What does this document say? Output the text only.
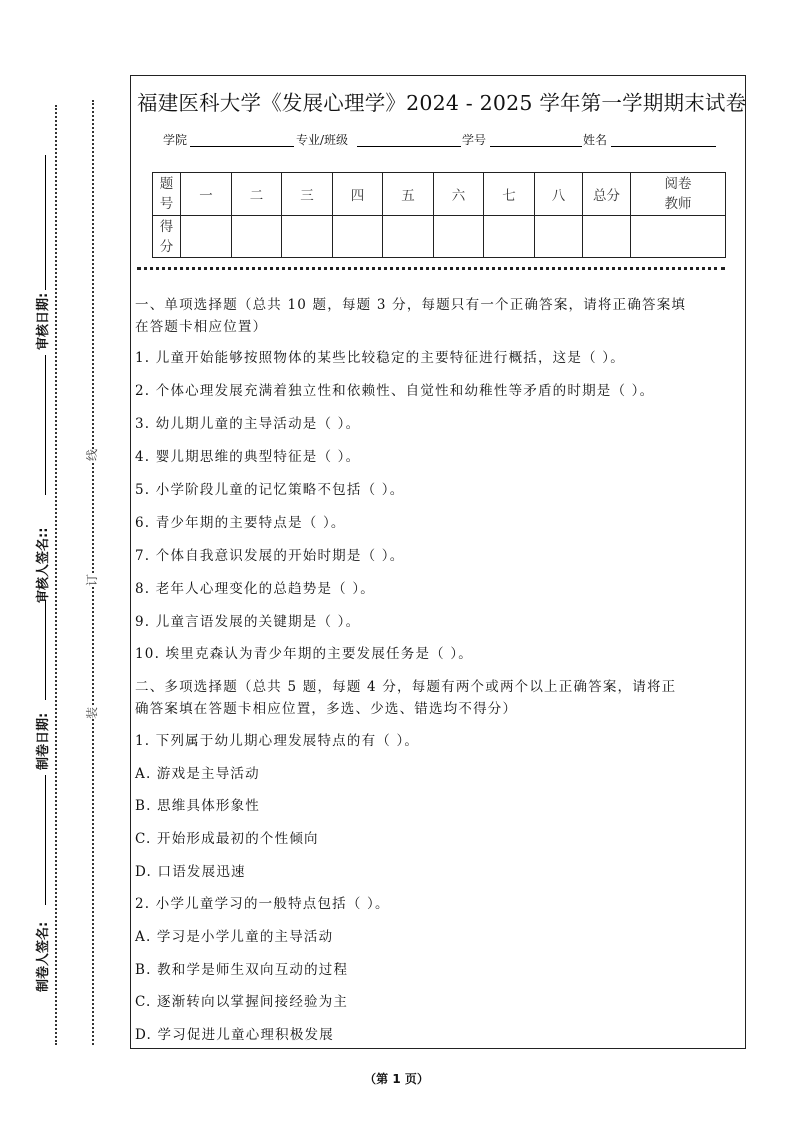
审核日期:
审核人签名::
制卷日期:
制卷人签名:
线
订
装
福建医科大学《发展心理学》2024 - 2025 学年第一学期期末试卷
学院	专业/班级	学号	姓名
题
号	一	二	三	四	五	六	七	八	总分	阅卷
教师
得
分										
一、单项选择题（总共 10 题，每题 3 分，每题只有一个正确答案，请将正确答案填
在答题卡相应位置）
1. 儿童开始能够按照物体的某些比较稳定的主要特征进行概括，这是（ ）。
2. 个体心理发展充满着独立性和依赖性、自觉性和幼稚性等矛盾的时期是（ ）。
3. 幼儿期儿童的主导活动是（ ）。
4. 婴儿期思维的典型特征是（ ）。
5. 小学阶段儿童的记忆策略不包括（ ）。
6. 青少年期的主要特点是（ ）。
7. 个体自我意识发展的开始时期是（ ）。
8. 老年人心理变化的总趋势是（ ）。
9. 儿童言语发展的关键期是（ ）。
10. 埃里克森认为青少年期的主要发展任务是（ ）。
二、多项选择题（总共 5 题，每题 4 分，每题有两个或两个以上正确答案，请将正
确答案填在答题卡相应位置，多选、少选、错选均不得分）
1. 下列属于幼儿期心理发展特点的有（ ）。
A. 游戏是主导活动
B. 思维具体形象性
C. 开始形成最初的个性倾向
D. 口语发展迅速
2. 小学儿童学习的一般特点包括（ ）。
A. 学习是小学儿童的主导活动
B. 教和学是师生双向互动的过程
C. 逐渐转向以掌握间接经验为主
D. 学习促进儿童心理积极发展
（第 1 页）
